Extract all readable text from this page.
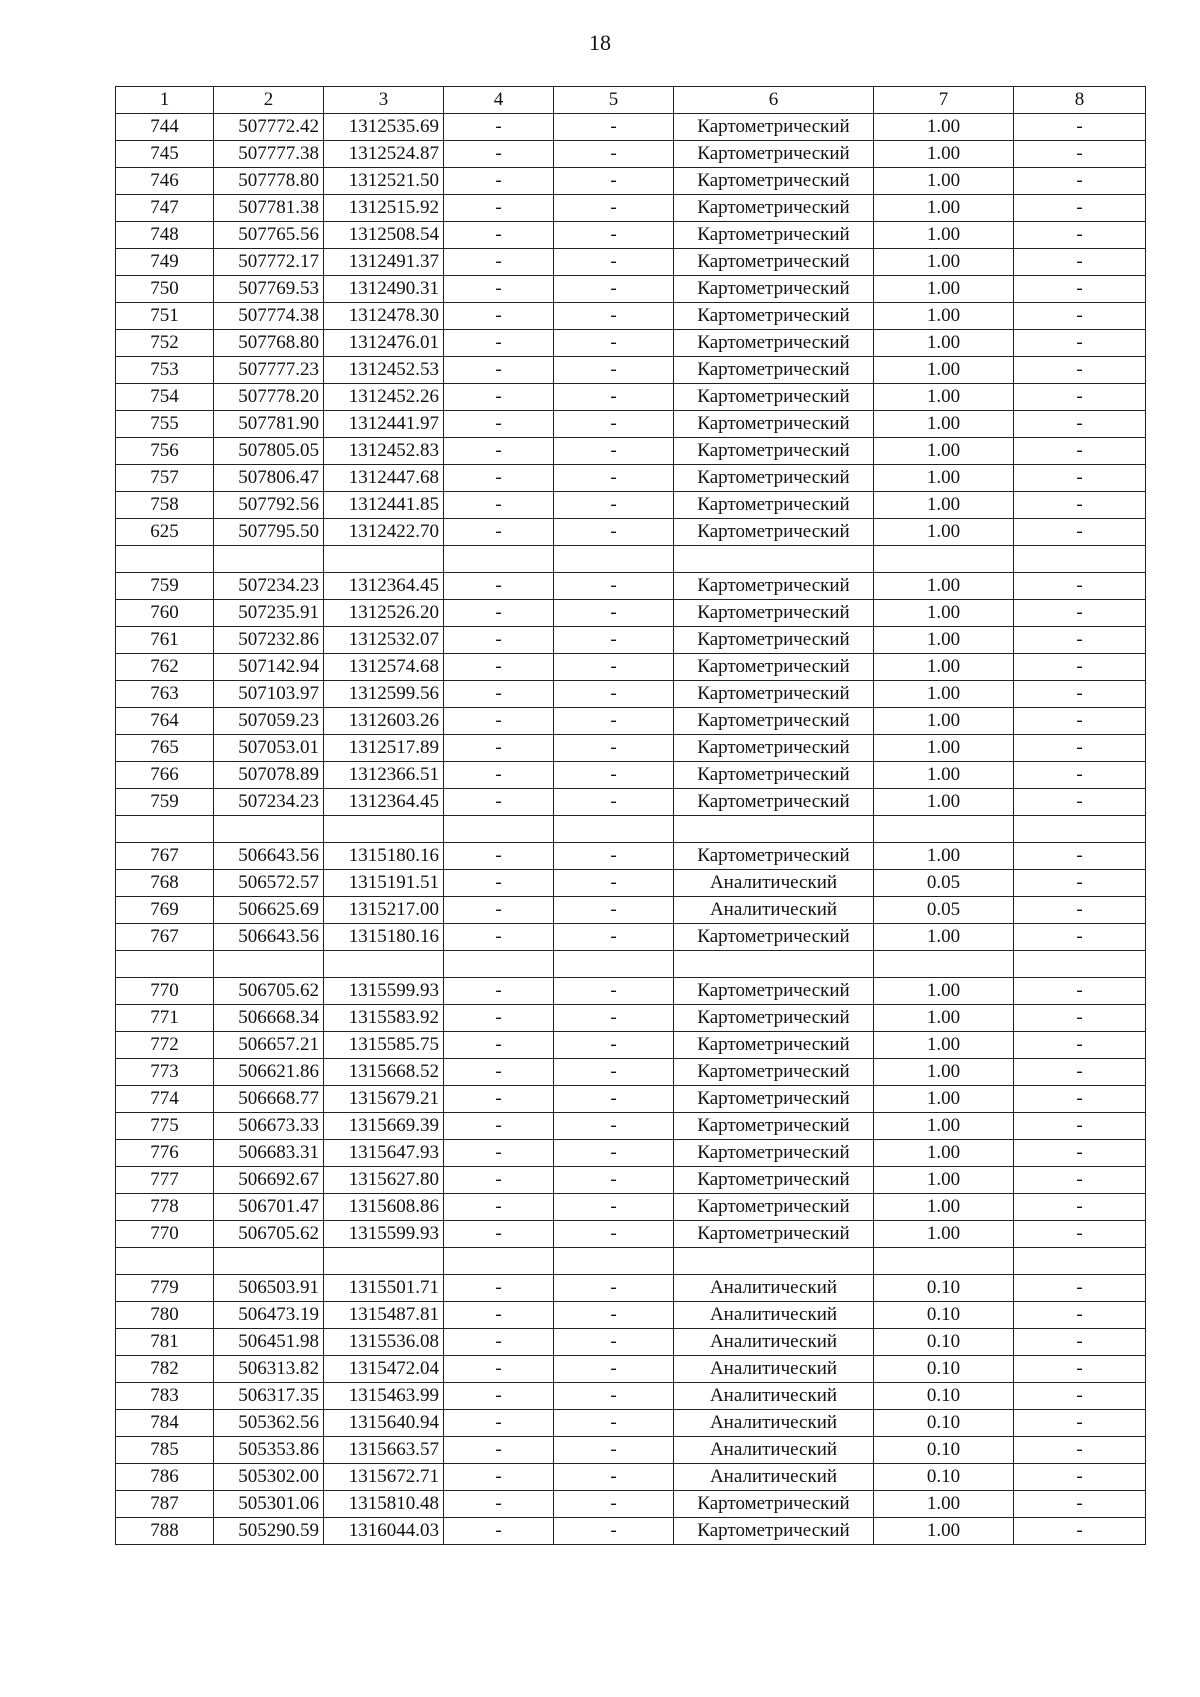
18
1	2	3	4	5	6	7	8
744	507772.42	1312535.69	-	-	Картометрический	1.00	-
745	507777.38	1312524.87	-	-	Картометрический	1.00	-
746	507778.80	1312521.50	-	-	Картометрический	1.00	-
747	507781.38	1312515.92	-	-	Картометрический	1.00	-
748	507765.56	1312508.54	-	-	Картометрический	1.00	-
749	507772.17	1312491.37	-	-	Картометрический	1.00	-
750	507769.53	1312490.31	-	-	Картометрический	1.00	-
751	507774.38	1312478.30	-	-	Картометрический	1.00	-
752	507768.80	1312476.01	-	-	Картометрический	1.00	-
753	507777.23	1312452.53	-	-	Картометрический	1.00	-
754	507778.20	1312452.26	-	-	Картометрический	1.00	-
755	507781.90	1312441.97	-	-	Картометрический	1.00	-
756	507805.05	1312452.83	-	-	Картометрический	1.00	-
757	507806.47	1312447.68	-	-	Картометрический	1.00	-
758	507792.56	1312441.85	-	-	Картометрический	1.00	-
625	507795.50	1312422.70	-	-	Картометрический	1.00	-

759	507234.23	1312364.45	-	-	Картометрический	1.00	-
760	507235.91	1312526.20	-	-	Картометрический	1.00	-
761	507232.86	1312532.07	-	-	Картометрический	1.00	-
762	507142.94	1312574.68	-	-	Картометрический	1.00	-
763	507103.97	1312599.56	-	-	Картометрический	1.00	-
764	507059.23	1312603.26	-	-	Картометрический	1.00	-
765	507053.01	1312517.89	-	-	Картометрический	1.00	-
766	507078.89	1312366.51	-	-	Картометрический	1.00	-
759	507234.23	1312364.45	-	-	Картометрический	1.00	-

767	506643.56	1315180.16	-	-	Картометрический	1.00	-
768	506572.57	1315191.51	-	-	Аналитический	0.05	-
769	506625.69	1315217.00	-	-	Аналитический	0.05	-
767	506643.56	1315180.16	-	-	Картометрический	1.00	-

770	506705.62	1315599.93	-	-	Картометрический	1.00	-
771	506668.34	1315583.92	-	-	Картометрический	1.00	-
772	506657.21	1315585.75	-	-	Картометрический	1.00	-
773	506621.86	1315668.52	-	-	Картометрический	1.00	-
774	506668.77	1315679.21	-	-	Картометрический	1.00	-
775	506673.33	1315669.39	-	-	Картометрический	1.00	-
776	506683.31	1315647.93	-	-	Картометрический	1.00	-
777	506692.67	1315627.80	-	-	Картометрический	1.00	-
778	506701.47	1315608.86	-	-	Картометрический	1.00	-
770	506705.62	1315599.93	-	-	Картометрический	1.00	-

779	506503.91	1315501.71	-	-	Аналитический	0.10	-
780	506473.19	1315487.81	-	-	Аналитический	0.10	-
781	506451.98	1315536.08	-	-	Аналитический	0.10	-
782	506313.82	1315472.04	-	-	Аналитический	0.10	-
783	506317.35	1315463.99	-	-	Аналитический	0.10	-
784	505362.56	1315640.94	-	-	Аналитический	0.10	-
785	505353.86	1315663.57	-	-	Аналитический	0.10	-
786	505302.00	1315672.71	-	-	Аналитический	0.10	-
787	505301.06	1315810.48	-	-	Картометрический	1.00	-
788	505290.59	1316044.03	-	-	Картометрический	1.00	-
